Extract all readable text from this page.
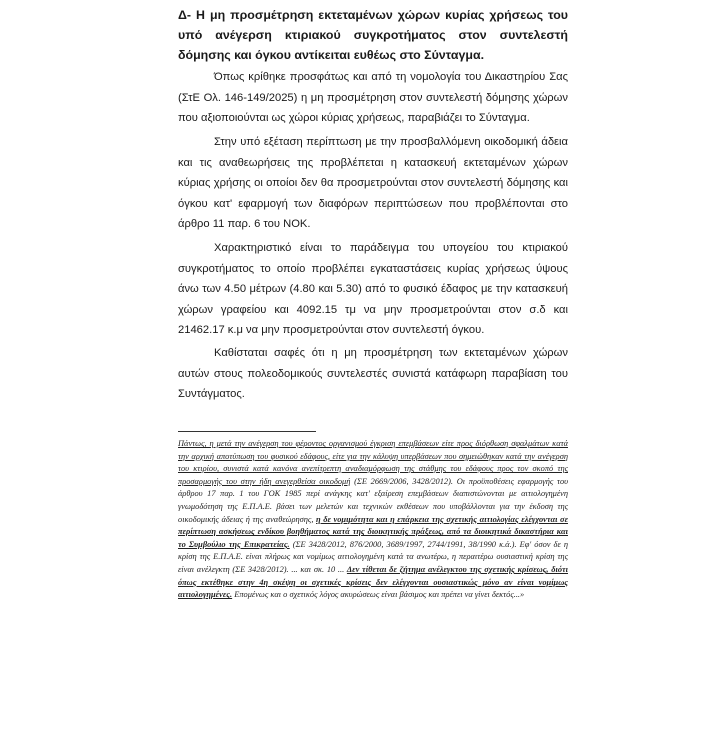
Δ- Η μη προσμέτρηση εκτεταμένων χώρων κυρίας χρήσεως του υπό ανέγερση κτιριακού συγκροτήματος στον συντελεστή δόμησης και όγκου αντίκειται ευθέως στο Σύνταγμα.

Όπως κρίθηκε προσφάτως και από τη νομολογία του Δικαστηρίου Σας (ΣτΕ Ολ. 146-149/2025) η μη προσμέτρηση στον συντελεστή δόμησης χώρων που αξιοποιούνται ως χώροι κύριας χρήσεως, παραβιάζει το Σύνταγμα.

Στην υπό εξέταση περίπτωση με την προσβαλλόμενη οικοδομική άδεια και τις αναθεωρήσεις της προβλέπεται η κατασκευή εκτεταμένων χώρων κύριας χρήσης οι οποίοι δεν θα προσμετρούνται στον συντελεστή δόμησης και όγκου κατ' εφαρμογή των διαφόρων περιπτώσεων που προβλέπονται στο άρθρο 11 παρ. 6 του ΝΟΚ.

Χαρακτηριστικό είναι το παράδειγμα του υπογείου του κτιριακού συγκροτήματος το οποίο προβλέπει εγκαταστάσεις κυρίας χρήσεως ύψους άνω των 4.50 μέτρων (4.80 και 5.30) από το φυσικό έδαφος με την κατασκευή χώρων γραφείου και 4092.15 τμ να μην προσμετρούνται στον σ.δ και 21462.17 κ.μ να μην προσμετρούνται στον συντελεστή όγκου.

Καθίσταται σαφές ότι η μη προσμέτρηση των εκτεταμένων χώρων αυτών στους πολεοδομικούς συντελεστές συνιστά κατάφωρη παραβίαση του Συντάγματος.

Πάντως, η μετά την ανέγερση του φέροντος οργανισμού έγκριση επεμβάσεων είτε προς διόρθωση σφαλμάτων κατά την αρχική αποτύπωση του φυσικού εδάφους, είτε για την κάλυψη υπερβάσεων που σημειώθηκαν κατά την ανέγερση του κτιρίου, συνιστά κατά κανόνα ανεπίτρεπτη αναδιαμόρφωση της στάθμης του εδάφους προς τον σκοπό της προσαρμογής του στην ήδη ανεγερθείσα οικοδομή (ΣΕ 2669/2006, 3428/2012). Οι προϋποθέσεις εφαρμογής του άρθρου 17 παρ. 1 του ΓΟΚ 1985 περί ανάγκης κατ' εξαίρεση επεμβάσεων διαπιστώνονται με αιτιολογημένη γνωμοδότηση της Ε.Π.Α.Ε. βάσει των μελετών και τεχνικών εκθέσεων που υποβάλλονται για την έκδοση της οικοδομικής άδειας ή της αναθεώρησης, η δε νομιμότητα και η επάρκεια της σχετικής αιτιολογίας ελέγχονται σε περίπτωση ασκήσεως ενδίκου βοηθήματος κατά της διοικητικής πράξεως, από τα διοικητικά δικαστήρια και το Συμβούλιο της Επικρατείας. (ΣΕ 3428/2012, 876/2000, 3689/1997, 2744/1991, 38/1990 κ.ά.). Εφ' όσον δε η κρίση της Ε.Π.Α.Ε. είναι πλήρως και νομίμως αιτιολογημένη κατά τα ανωτέρω, η περαιτέρω ουσιαστική κρίση της είναι ανέλεγκτη (ΣΕ 3428/2012). ... και σκ. 10 ... Δεν τίθεται δε ζήτημα ανέλεγκτου της σχετικής κρίσεως, διότι όπως εκτέθηκε στην 4η σκέψη οι σχετικές κρίσεις δεν ελέγχονται ουσιαστικώς μόνο αν είναι νομίμως αιτιολογημένες. Επομένως και ο σχετικός λόγος ακυρώσεως είναι βάσιμος και πρέπει να γίνει δεκτός...»
